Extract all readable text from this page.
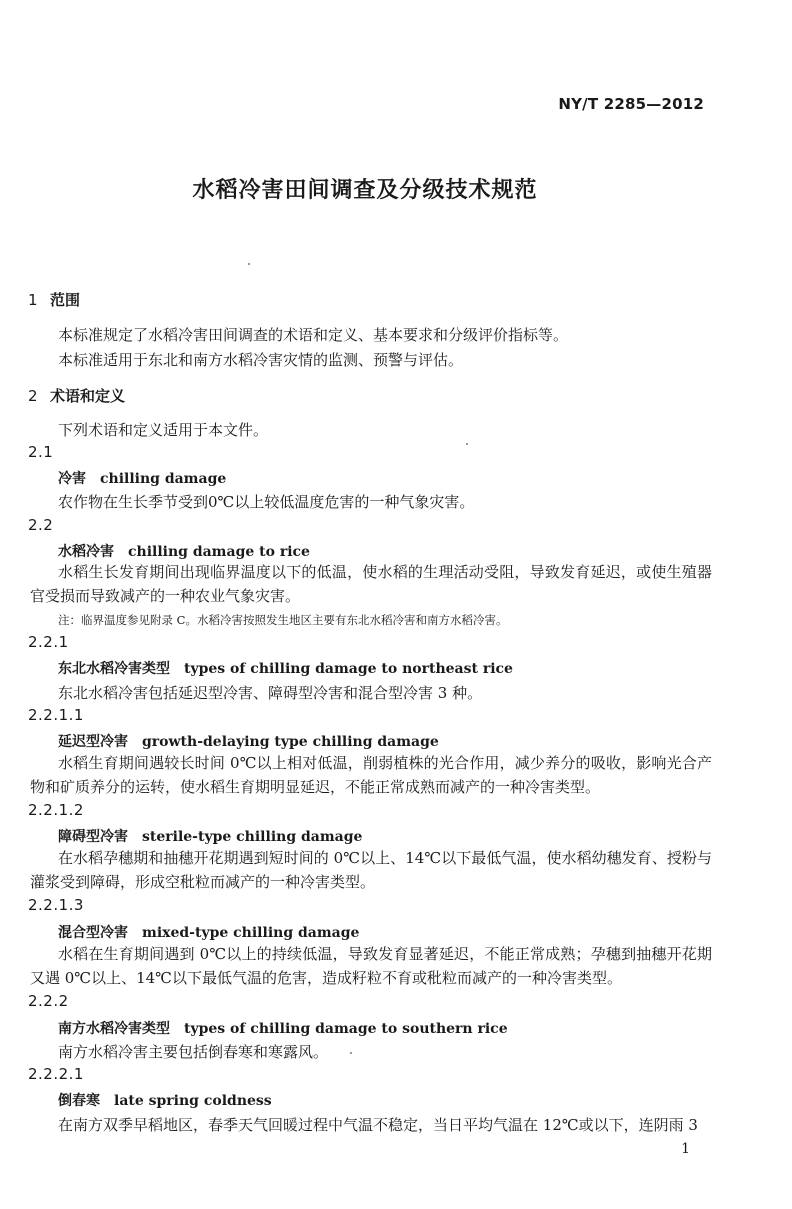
NY/T 2285—2012
水稻冷害田间调查及分级技术规范
1 范围
本标准规定了水稻冷害田间调查的术语和定义、基本要求和分级评价指标等。
本标准适用于东北和南方水稻冷害灾情的监测、预警与评估。
2 术语和定义
下列术语和定义适用于本文件。
2.1
冷害 chilling damage
农作物在生长季节受到0℃以上较低温度危害的一种气象灾害。
2.2
水稻冷害 chilling damage to rice
水稻生长发育期间出现临界温度以下的低温，使水稻的生理活动受阻，导致发育延迟，或使生殖器官受损而导致减产的一种农业气象灾害。
注：临界温度参见附录 C。水稻冷害按照发生地区主要有东北水稻冷害和南方水稻冷害。
2.2.1
东北水稻冷害类型 types of chilling damage to northeast rice
东北水稻冷害包括延迟型冷害、障碍型冷害和混合型冷害 3 种。
2.2.1.1
延迟型冷害 growth-delaying type chilling damage
水稻生育期间遇较长时间 0℃以上相对低温，削弱植株的光合作用，减少养分的吸收，影响光合产物和矿质养分的运转，使水稻生育期明显延迟，不能正常成熟而减产的一种冷害类型。
2.2.1.2
障碍型冷害 sterile-type chilling damage
在水稻孕穗期和抽穗开花期遇到短时间的 0℃以上、14℃以下最低气温，使水稻幼穗发育、授粉与灌浆受到障碍，形成空秕粒而减产的一种冷害类型。
2.2.1.3
混合型冷害 mixed-type chilling damage
水稻在生育期间遇到 0℃以上的持续低温，导致发育显著延迟，不能正常成熟；孕穗到抽穗开花期又遇 0℃以上、14℃以下最低气温的危害，造成籽粒不育或秕粒而减产的一种冷害类型。
2.2.2
南方水稻冷害类型 types of chilling damage to southern rice
南方水稻冷害主要包括倒春寒和寒露风。
2.2.2.1
倒春寒 late spring coldness
在南方双季早稻地区，春季天气回暖过程中气温不稳定，当日平均气温在 12℃或以下，连阴雨 3
1
